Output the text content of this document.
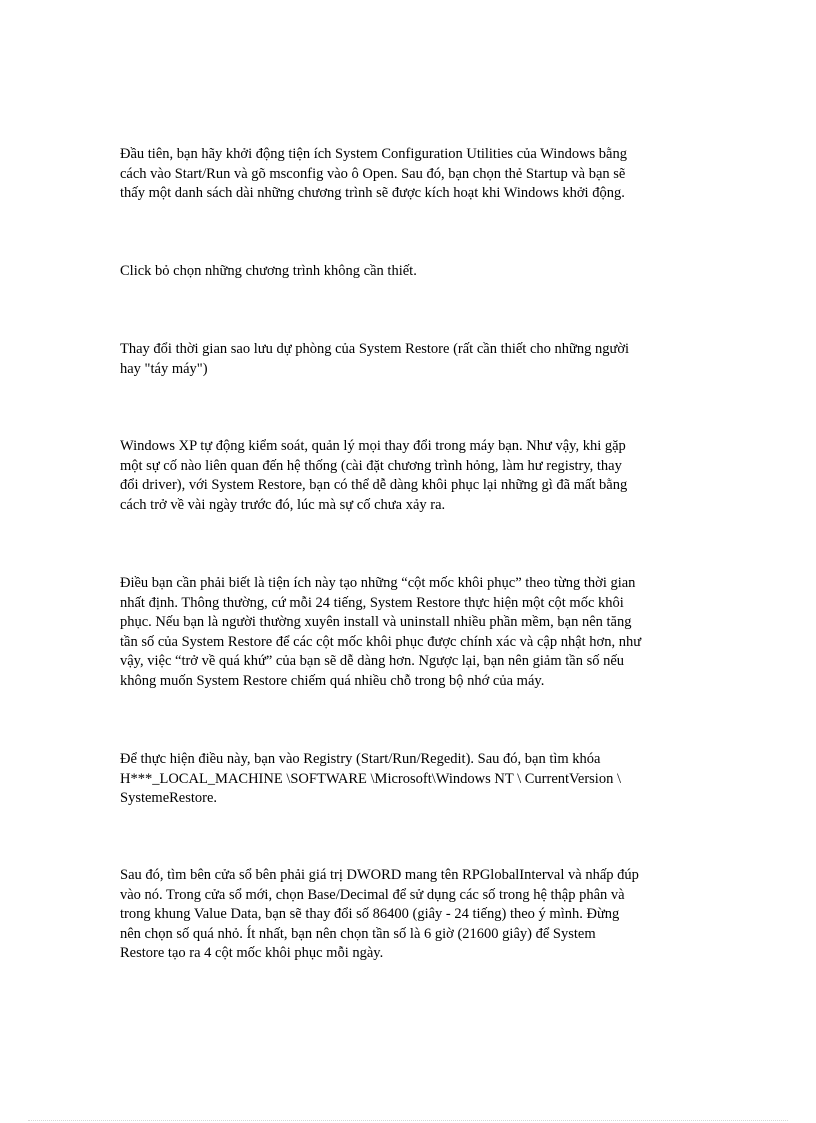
Đầu tiên, bạn hãy khởi động tiện ích System Configuration Utilities của Windows bằng
cách vào Start/Run và gõ msconfig vào ô Open. Sau đó, bạn chọn thẻ Startup và bạn sẽ
thấy một danh sách dài những chương trình sẽ được kích hoạt khi Windows khởi động.

Click bỏ chọn những chương trình không cần thiết.

Thay đổi thời gian sao lưu dự phòng của System Restore (rất cần thiết cho những người
hay "táy máy")

Windows XP tự động kiểm soát, quản lý mọi thay đổi trong máy bạn. Như vậy, khi gặp
một sự cố nào liên quan đến hệ thống (cài đặt chương trình hỏng, làm hư registry, thay
đổi driver), với System Restore, bạn có thể dễ dàng khôi phục lại những gì đã mất bằng
cách trở về vài ngày trước đó, lúc mà sự cố chưa xảy ra.

Điều bạn cần phải biết là tiện ích này tạo những “cột mốc khôi phục” theo từng thời gian
nhất định. Thông thường, cứ mỗi 24 tiếng, System Restore thực hiện một cột mốc khôi
phục. Nếu bạn là người thường xuyên install và uninstall nhiều phần mềm, bạn nên tăng
tần số của System Restore để các cột mốc khôi phục được chính xác và cập nhật hơn, như
vậy, việc “trở về quá khứ” của bạn sẽ dễ dàng hơn. Ngược lại, bạn nên giảm tần số nếu
không muốn System Restore chiếm quá nhiều chỗ trong bộ nhớ của máy.

Để thực hiện điều này, bạn vào Registry (Start/Run/Regedit). Sau đó, bạn tìm khóa
H***_LOCAL_MACHINE \SOFTWARE \Microsoft\Windows NT \ CurrentVersion \
SystemeRestore.

Sau đó, tìm bên cửa sổ bên phải giá trị DWORD mang tên RPGlobalInterval và nhấp đúp
vào nó. Trong cửa sổ mới, chọn Base/Decimal để sử dụng các số trong hệ thập phân và
trong khung Value Data, bạn sẽ thay đổi số 86400 (giây - 24 tiếng) theo ý mình. Đừng
nên chọn số quá nhỏ. Ít nhất, bạn nên chọn tần số là 6 giờ (21600 giây) để System
Restore tạo ra 4 cột mốc khôi phục mỗi ngày.
